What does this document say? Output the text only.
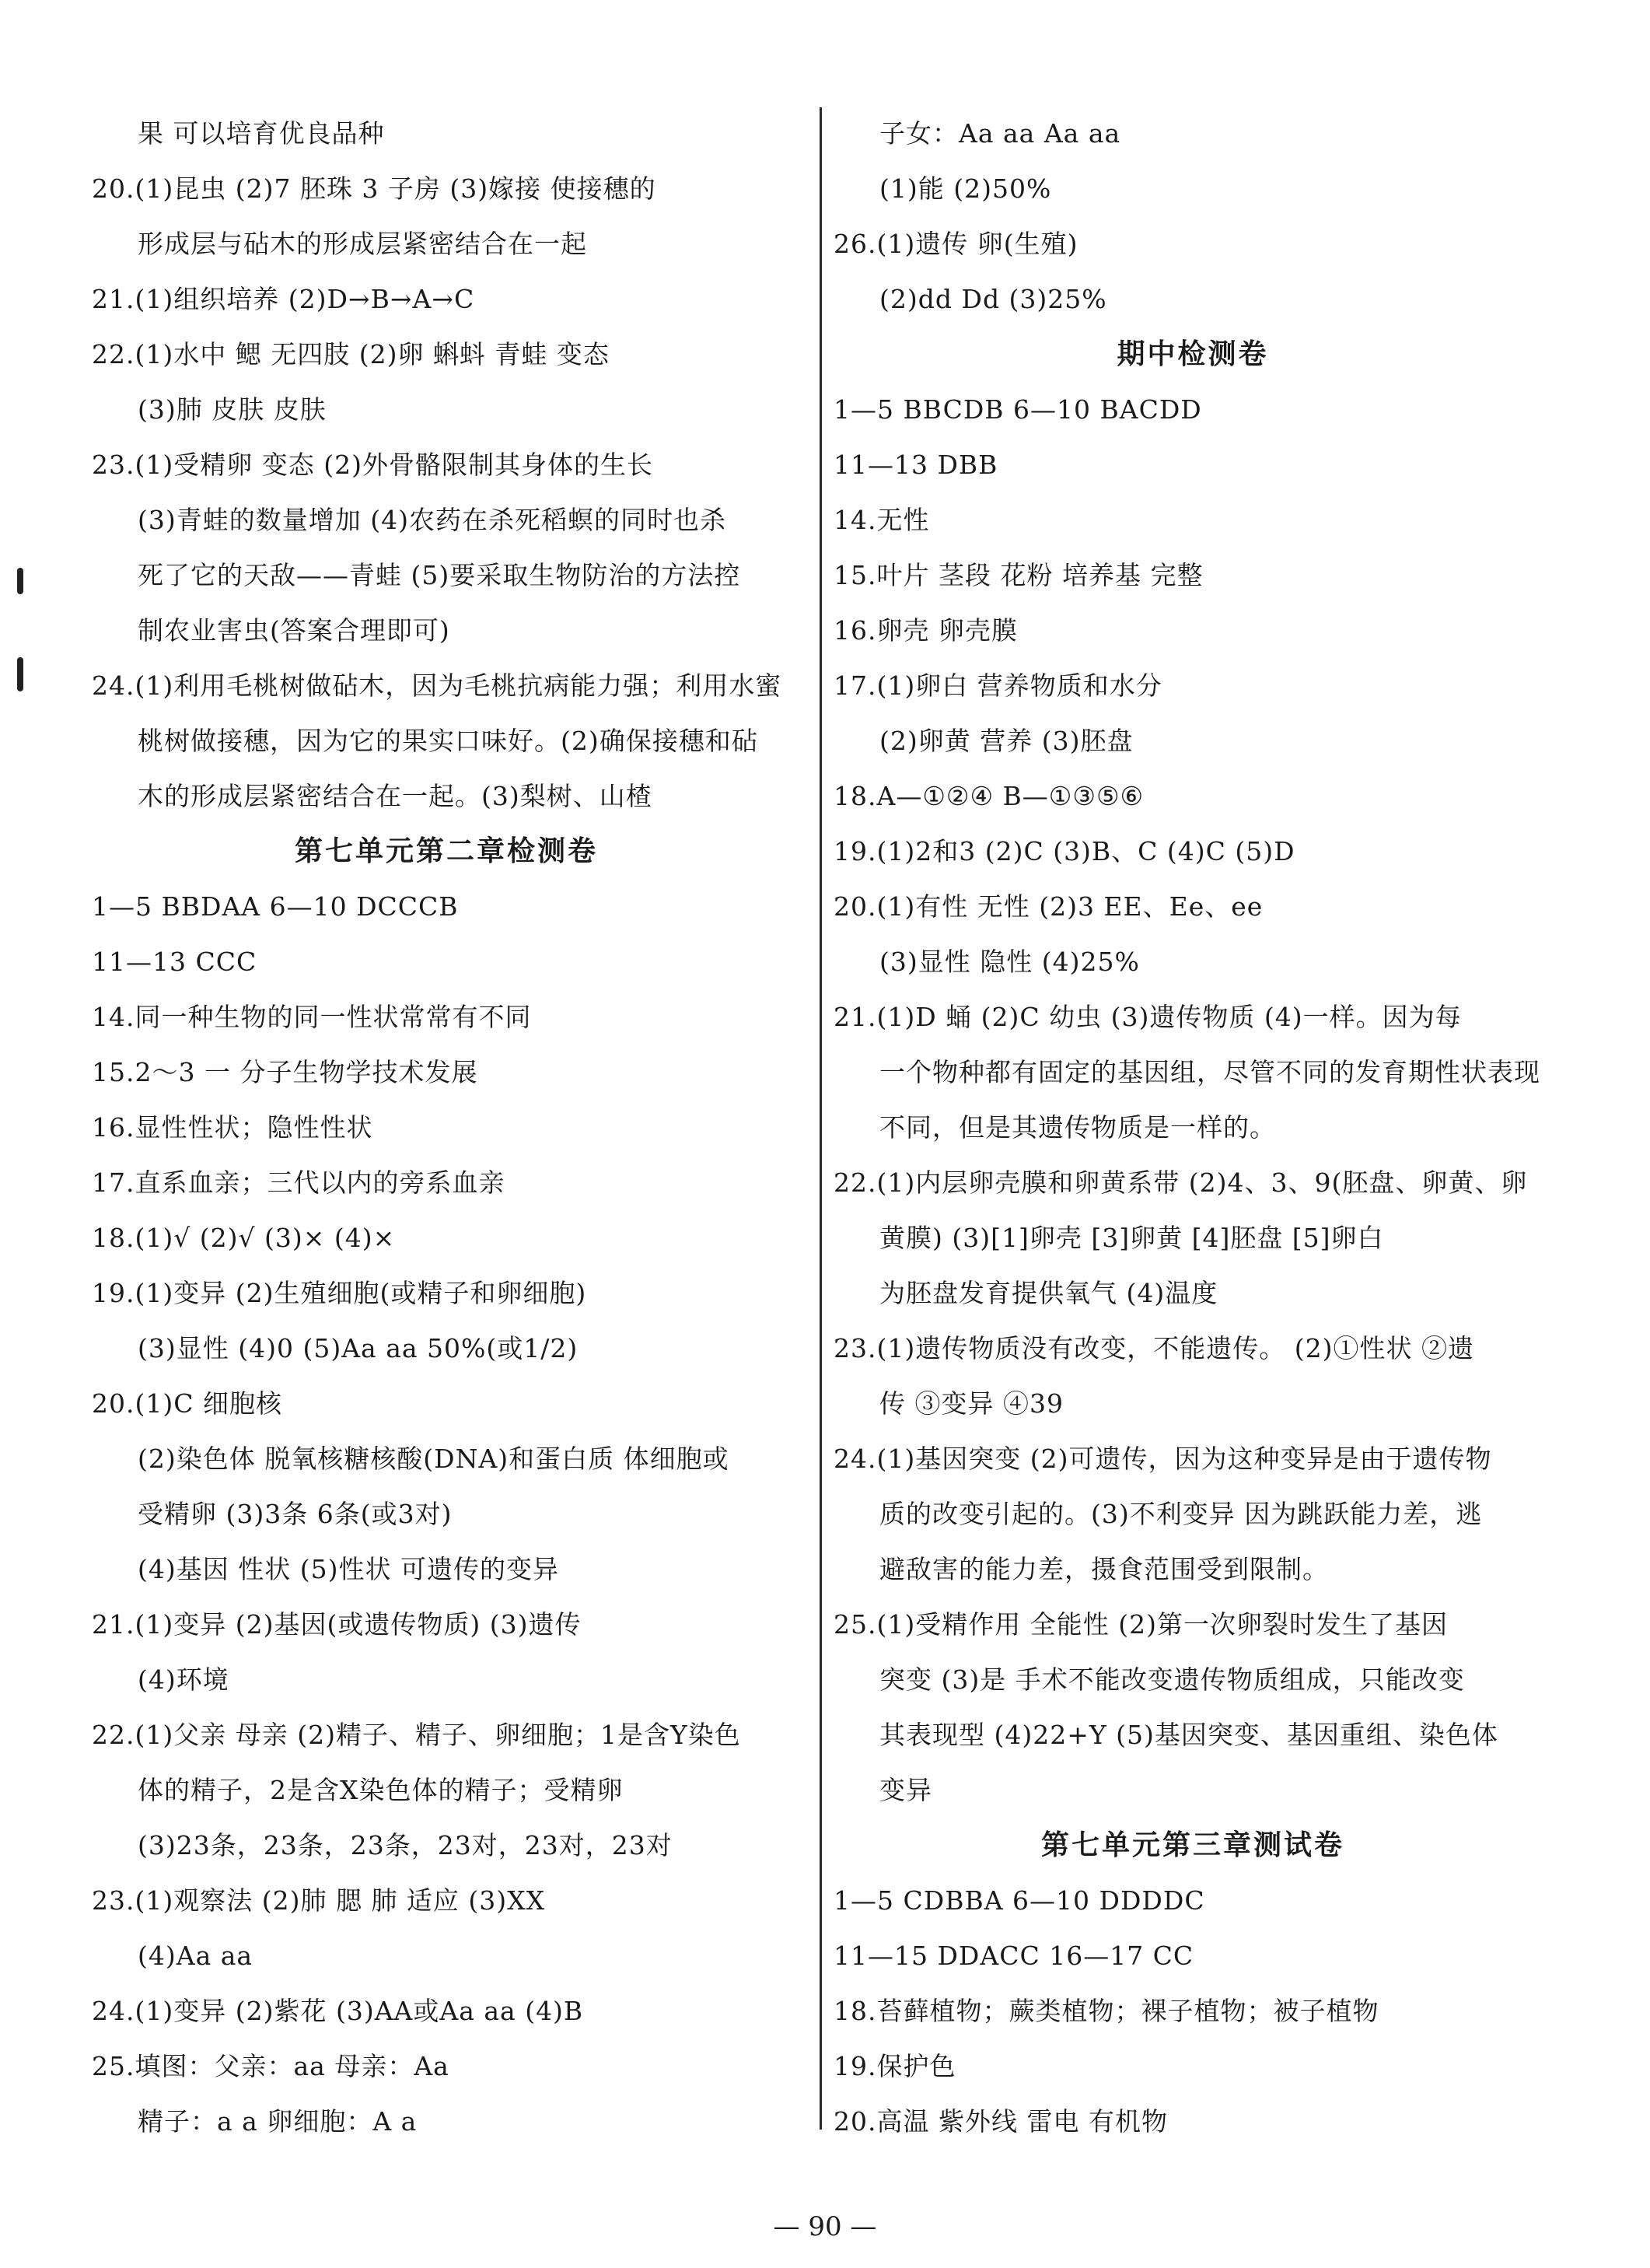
果 可以培育优良品种
20.(1)昆虫 (2)7 胚珠 3 子房 (3)嫁接 使接穗的
形成层与砧木的形成层紧密结合在一起
21.(1)组织培养 (2)D→B→A→C
22.(1)水中 鳃 无四肢 (2)卵 蝌蚪 青蛙 变态
(3)肺 皮肤 皮肤
23.(1)受精卵 变态 (2)外骨骼限制其身体的生长
(3)青蛙的数量增加 (4)农药在杀死稻螟的同时也杀
死了它的天敌——青蛙 (5)要采取生物防治的方法控
制农业害虫(答案合理即可)
24.(1)利用毛桃树做砧木，因为毛桃抗病能力强；利用水蜜
桃树做接穗，因为它的果实口味好。(2)确保接穗和砧
木的形成层紧密结合在一起。(3)梨树、山楂
第七单元第二章检测卷
1—5 BBDAA 6—10 DCCCB
11—13 CCC
14.同一种生物的同一性状常常有不同
15.2～3 一 分子生物学技术发展
16.显性性状；隐性性状
17.直系血亲；三代以内的旁系血亲
18.(1)√ (2)√ (3)× (4)×
19.(1)变异 (2)生殖细胞(或精子和卵细胞)
(3)显性 (4)0 (5)Aa aa 50%(或1/2)
20.(1)C 细胞核
(2)染色体 脱氧核糖核酸(DNA)和蛋白质 体细胞或
受精卵 (3)3条 6条(或3对)
(4)基因 性状 (5)性状 可遗传的变异
21.(1)变异 (2)基因(或遗传物质) (3)遗传
(4)环境
22.(1)父亲 母亲 (2)精子、精子、卵细胞；1是含Y染色
体的精子，2是含X染色体的精子；受精卵
(3)23条，23条，23条，23对，23对，23对
23.(1)观察法 (2)肺 腮 肺 适应 (3)XX
(4)Aa aa
24.(1)变异 (2)紫花 (3)AA或Aa aa (4)B
25.填图：父亲：aa 母亲：Aa
精子：a a 卵细胞：A a
子女：Aa aa Aa aa
(1)能 (2)50%
26.(1)遗传 卵(生殖)
(2)dd Dd (3)25%
期中检测卷
1—5 BBCDB 6—10 BACDD
11—13 DBB
14.无性
15.叶片 茎段 花粉 培养基 完整
16.卵壳 卵壳膜
17.(1)卵白 营养物质和水分
(2)卵黄 营养 (3)胚盘
18.A—①②④ B—①③⑤⑥
19.(1)2和3 (2)C (3)B、C (4)C (5)D
20.(1)有性 无性 (2)3 EE、Ee、ee
(3)显性 隐性 (4)25%
21.(1)D 蛹 (2)C 幼虫 (3)遗传物质 (4)一样。因为每
一个物种都有固定的基因组，尽管不同的发育期性状表现
不同，但是其遗传物质是一样的。
22.(1)内层卵壳膜和卵黄系带 (2)4、3、9(胚盘、卵黄、卵
黄膜) (3)[1]卵壳 [3]卵黄 [4]胚盘 [5]卵白
为胚盘发育提供氧气 (4)温度
23.(1)遗传物质没有改变，不能遗传。 (2)①性状 ②遗
传 ③变异 ④39
24.(1)基因突变 (2)可遗传，因为这种变异是由于遗传物
质的改变引起的。(3)不利变异 因为跳跃能力差，逃
避敌害的能力差，摄食范围受到限制。
25.(1)受精作用 全能性 (2)第一次卵裂时发生了基因
突变 (3)是 手术不能改变遗传物质组成，只能改变
其表现型 (4)22+Y (5)基因突变、基因重组、染色体
变异
第七单元第三章测试卷
1—5 CDBBA 6—10 DDDDC
11—15 DDACC 16—17 CC
18.苔藓植物；蕨类植物；裸子植物；被子植物
19.保护色
20.高温 紫外线 雷电 有机物
— 90 —
